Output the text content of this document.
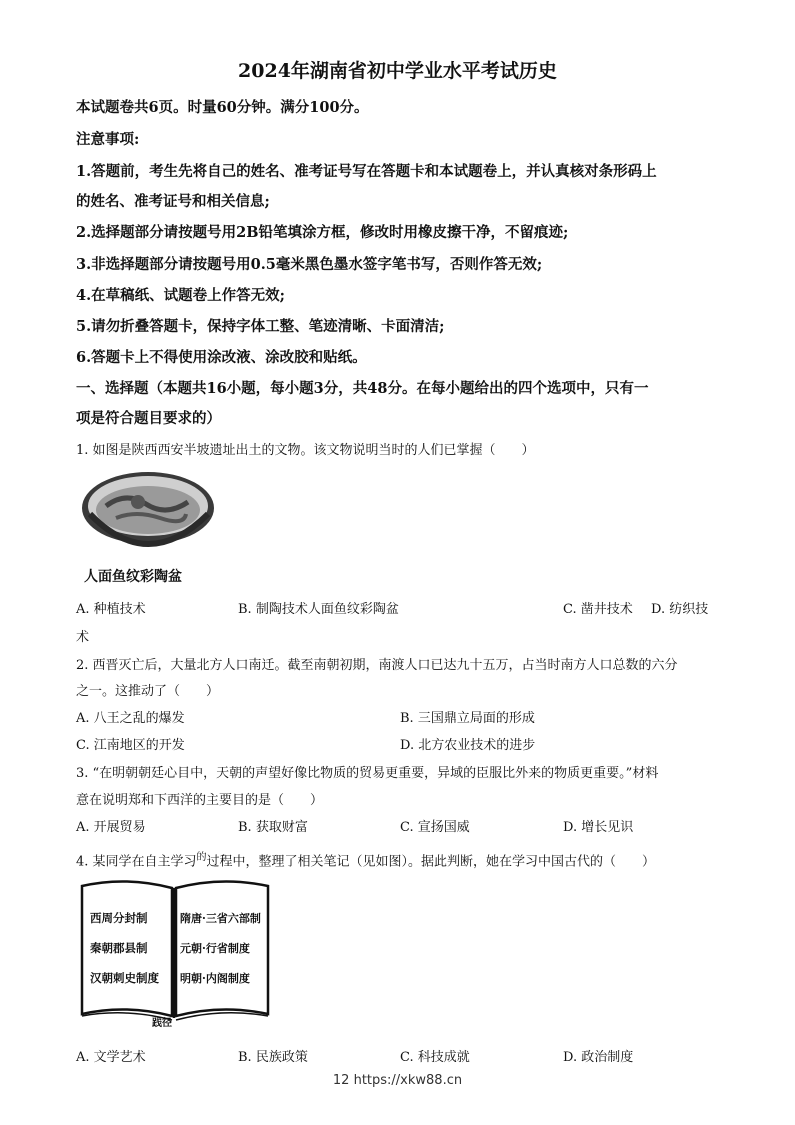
2024年湖南省初中学业水平考试历史
本试题卷共6页。时量60分钟。满分100分。
注意事项:
1.答题前，考生先将自己的姓名、准考证号写在答题卡和本试题卷上，并认真核对条形码上
的姓名、准考证号和相关信息;
2.选择题部分请按题号用2B铅笔填涂方框，修改时用橡皮擦干净，不留痕迹;
3.非选择题部分请按题号用0.5毫米黑色墨水签字笔书写，否则作答无效;
4.在草稿纸、试题卷上作答无效;
5.请勿折叠答题卡，保持字体工整、笔迹清晰、卡面清洁;
6.答题卡上不得使用涂改液、涂改胶和贴纸。
一、选择题（本题共16小题，每小题3分，共48分。在每小题给出的四个选项中，只有一
项是符合题目要求的）
1. 如图是陕西西安半坡遗址出土的文物。该文物说明当时的人们已掌握（　　）
人面鱼纹彩陶盆
A. 种植技术	B. 制陶技术人面鱼纹彩陶盆	C. 凿井技术 D. 纺织技
术
2. 西晋灭亡后，大量北方人口南迁。截至南朝初期，南渡人口已达九十五万，占当时南方人口总数的六分
之一。这推动了（　　）
A. 八王之乱的爆发	B. 三国鼎立局面的形成
C. 江南地区的开发	D. 北方农业技术的进步
3. “在明朝朝廷心目中，天朝的声望好像比物质的贸易更重要，异域的臣服比外来的物质更重要。”材料
意在说明郑和下西洋的主要目的是（　　）
A. 开展贸易	B. 获取财富	C. 宣扬国威	D. 增长见识
4. 某同学在自主学习$^的$过程中，整理了相关笔记（见如图）。据此判断，她在学习中国古代的（　　）
西周分封制
秦朝郡县制
汉朝刺史制度
隋唐·三省六部制
元朝·行省制度
明朝·内阁制度
践径
A. 文学艺术	B. 民族政策	C. 科技成就	D. 政治制度
12 https://xkw88.cn
